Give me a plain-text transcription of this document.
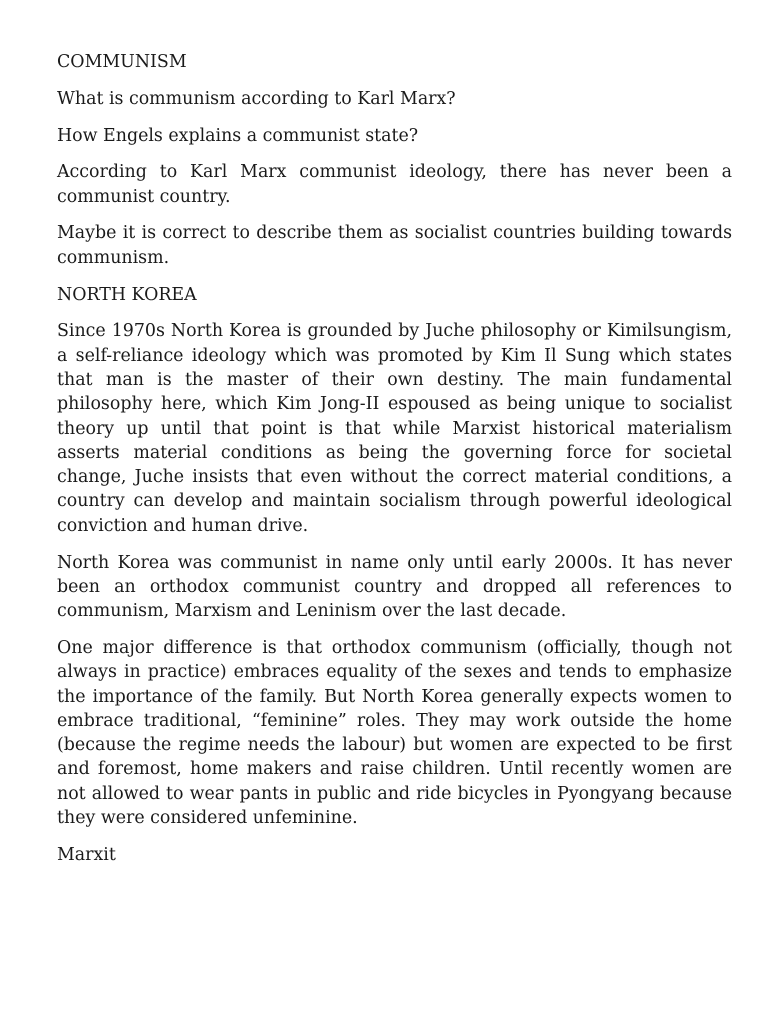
COMMUNISM

What is communism according to Karl Marx?

How Engels explains a communist state?

According to Karl Marx communist ideology, there has never been a communist country.

Maybe it is correct to describe them as socialist countries building towards communism.

NORTH KOREA

Since 1970s North Korea is grounded by Juche philosophy or Kimilsungism, a self-reliance ideology which was promoted by Kim Il Sung which states that man is the master of their own destiny. The main fundamental philosophy here, which Kim Jong-II espoused as being unique to socialist theory up until that point is that while Marxist historical materialism asserts material conditions as being the governing force for societal change, Juche insists that even without the correct material conditions, a country can develop and maintain socialism through powerful ideological conviction and human drive.

North Korea was communist in name only until early 2000s. It has never been an orthodox communist country and dropped all references to communism, Marxism and Leninism over the last decade.

One major difference is that orthodox communism (officially, though not always in practice) embraces equality of the sexes and tends to emphasize the importance of the family. But North Korea generally expects women to embrace traditional, “feminine” roles. They may work outside the home (because the regime needs the labour) but women are expected to be first and foremost, home makers and raise children. Until recently women are not allowed to wear pants in public and ride bicycles in Pyongyang because they were considered unfeminine.

Marxit
